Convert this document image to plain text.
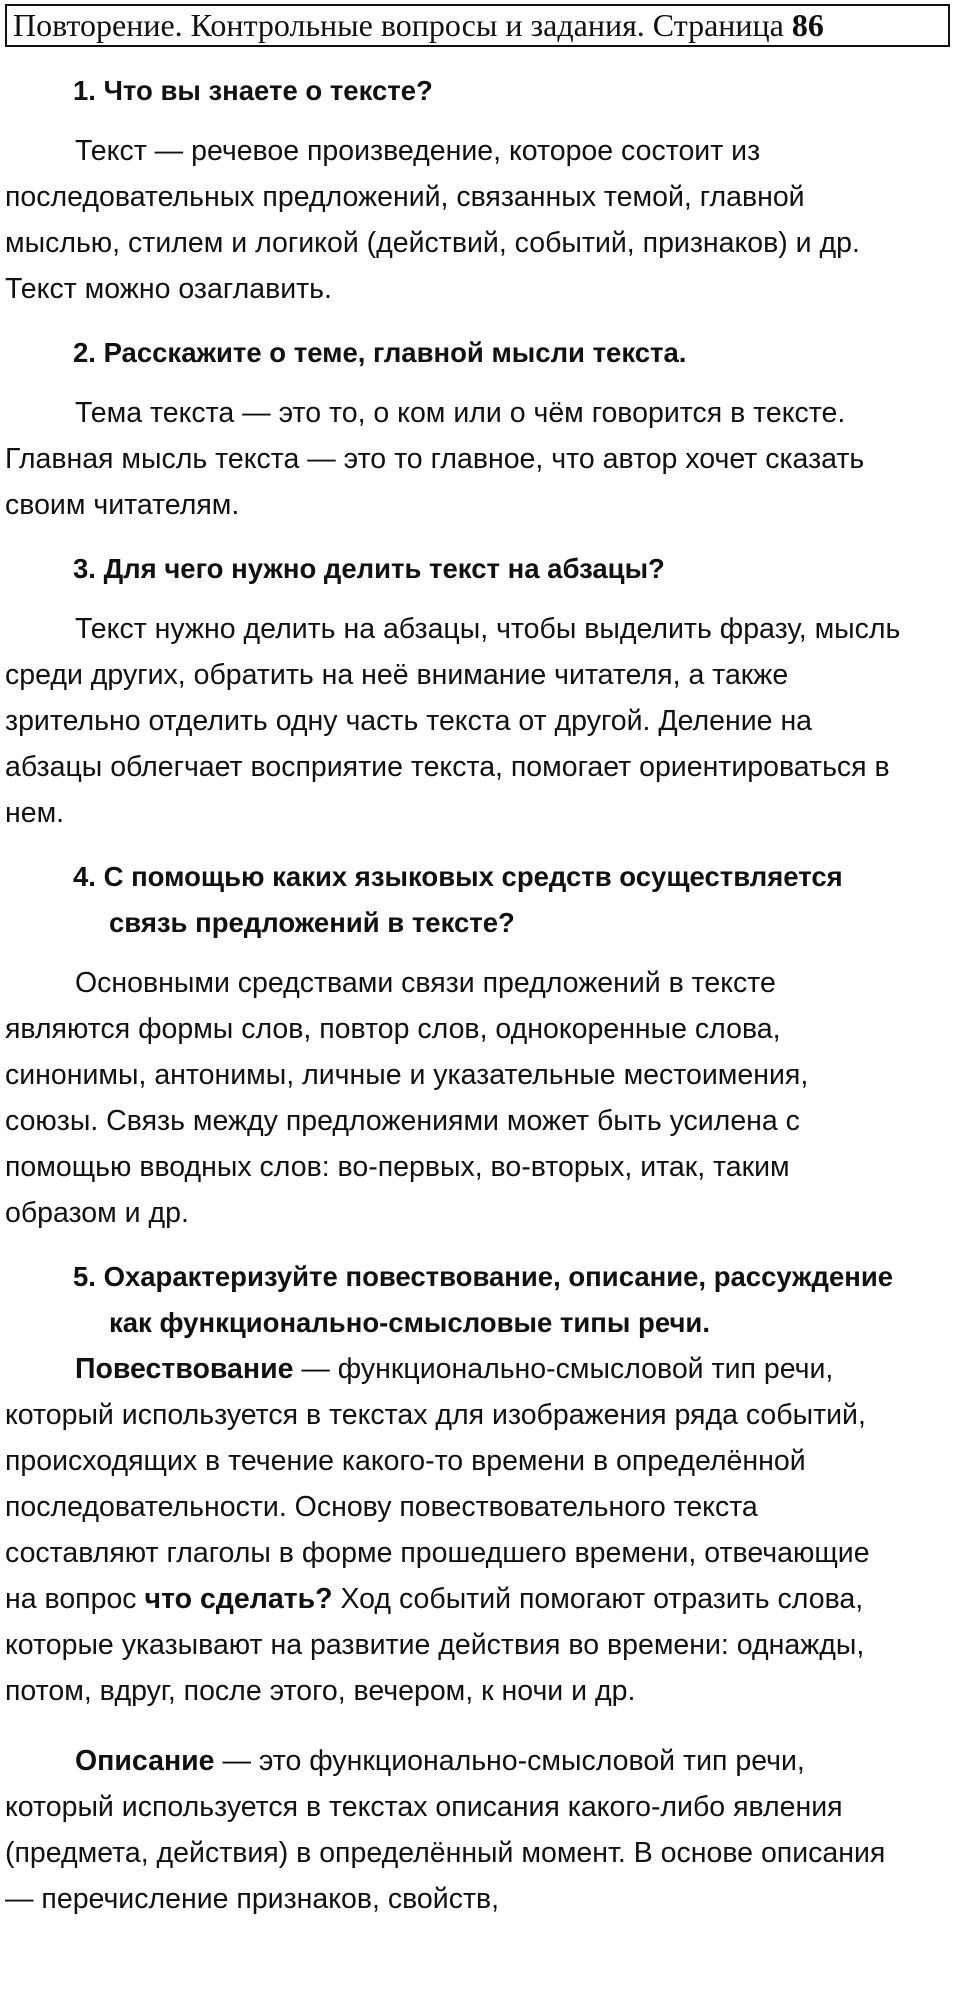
Повторение. Контрольные вопросы и задания. Страница 86
1. Что вы знаете о тексте?
Текст — речевое произведение, которое состоит из последовательных предложений, связанных темой, главной мыслью, стилем и логикой (действий, событий, признаков) и др. Текст можно озаглавить.
2. Расскажите о теме, главной мысли текста.
Тема текста — это то, о ком или о чём говорится в тексте. Главная мысль текста — это то главное, что автор хочет сказать своим читателям.
3. Для чего нужно делить текст на абзацы?
Текст нужно делить на абзацы, чтобы выделить фразу, мысль среди других, обратить на неё внимание читателя, а также зрительно отделить одну часть текста от другой. Деление на абзацы облегчает восприятие текста, помогает ориентироваться в нем.
4. С помощью каких языковых средств осуществляется связь предложений в тексте?
Основными средствами связи предложений в тексте являются формы слов, повтор слов, однокоренные слова, синонимы, антонимы, личные и указательные местоимения, союзы. Связь между предложениями может быть усилена с помощью вводных слов: во-первых, во-вторых, итак, таким образом и др.
5. Охарактеризуйте повествование, описание, рассуждение как функционально-смысловые типы речи.
Повествование — функционально-смысловой тип речи, который используется в текстах для изображения ряда событий, происходящих в течение какого-то времени в определённой последовательности. Основу повествовательного текста составляют глаголы в форме прошедшего времени, отвечающие на вопрос что сделать? Ход событий помогают отразить слова, которые указывают на развитие действия во времени: однажды, потом, вдруг, после этого, вечером, к ночи и др.
Описание — это функционально-смысловой тип речи, который используется в текстах описания какого-либо явления (предмета, действия) в определённый момент. В основе описания — перечисление признаков, свойств,
